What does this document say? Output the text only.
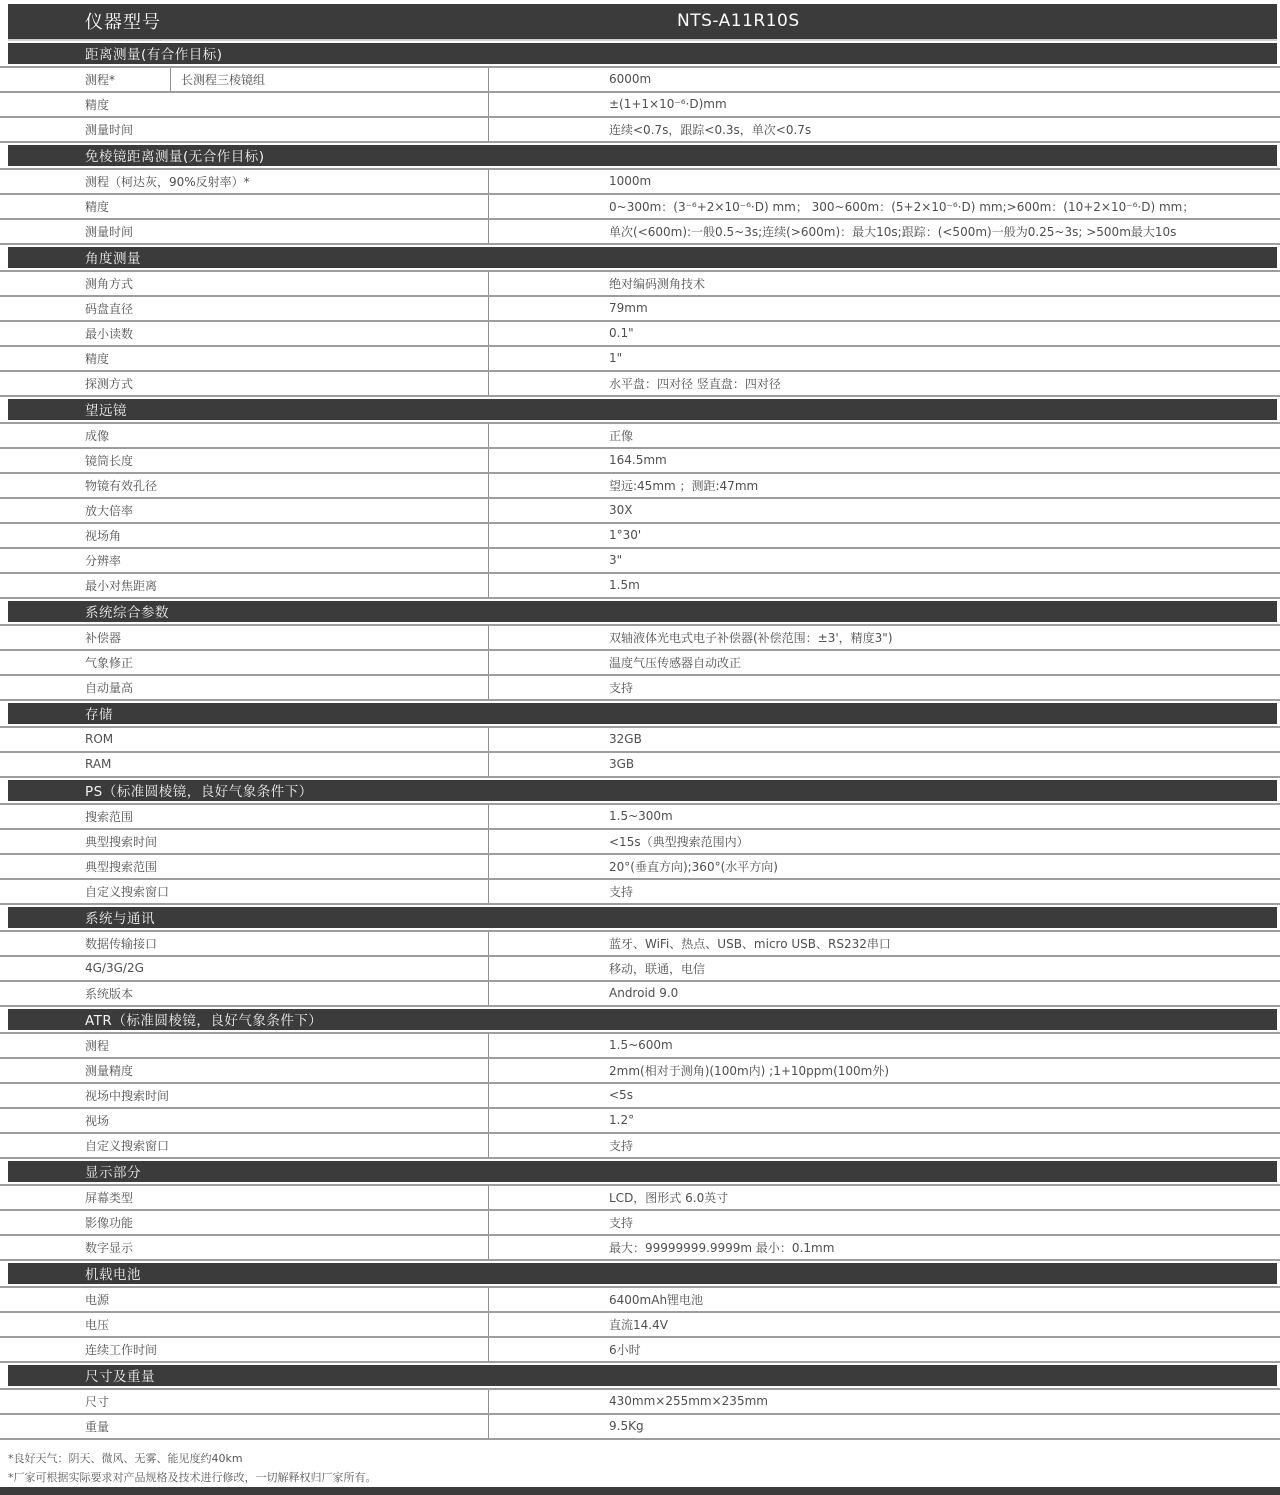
仪器型号	NTS-A11R10S
距离测量(有合作目标)
测程*	长测程三棱镜组	6000m
精度	±(1+1×10⁻⁶·D)mm
测量时间	连续<0.7s，跟踪<0.3s，单次<0.7s
免棱镜距离测量(无合作目标)
测程（柯达灰，90%反射率）*	1000m
精度	0~300m：(3⁻⁶+2×10⁻⁶·D) mm； 300~600m：(5+2×10⁻⁶·D) mm;>600m：(10+2×10⁻⁶·D) mm；
测量时间	单次(<600m):一般0.5~3s;连续(>600m)：最大10s;跟踪：(<500m)一般为0.25~3s; >500m最大10s
角度测量
测角方式	绝对编码测角技术
码盘直径	79mm
最小读数	0.1"
精度	1"
探测方式	水平盘：四对径 竖直盘：四对径
望远镜
成像	正像
镜筒长度	164.5mm
物镜有效孔径	望远:45mm ；测距:47mm
放大倍率	30X
视场角	1°30'
分辨率	3"
最小对焦距离	1.5m
系统综合参数
补偿器	双轴液体光电式电子补偿器(补偿范围：±3'，精度3")
气象修正	温度气压传感器自动改正
自动量高	支持
存储
ROM	32GB
RAM	3GB
PS（标准圆棱镜，良好气象条件下）
搜索范围	1.5~300m
典型搜索时间	<15s（典型搜索范围内）
典型搜索范围	20°(垂直方向);360°(水平方向)
自定义搜索窗口	支持
系统与通讯
数据传输接口	蓝牙、WiFi、热点、USB、micro USB、RS232串口
4G/3G/2G	移动，联通，电信
系统版本	Android 9.0
ATR（标准圆棱镜，良好气象条件下）
测程	1.5~600m
测量精度	2mm(相对于测角)(100m内) ;1+10ppm(100m外)
视场中搜索时间	<5s
视场	1.2°
自定义搜索窗口	支持
显示部分
屏幕类型	LCD，图形式 6.0英寸
影像功能	支持
数字显示	最大：99999999.9999m 最小：0.1mm
机载电池
电源	6400mAh锂电池
电压	直流14.4V
连续工作时间	6小时
尺寸及重量
尺寸	430mm×255mm×235mm
重量	9.5Kg
*良好天气：阴天、微风、无雾、能见度约40km
*厂家可根据实际要求对产品规格及技术进行修改，一切解释权归厂家所有。
